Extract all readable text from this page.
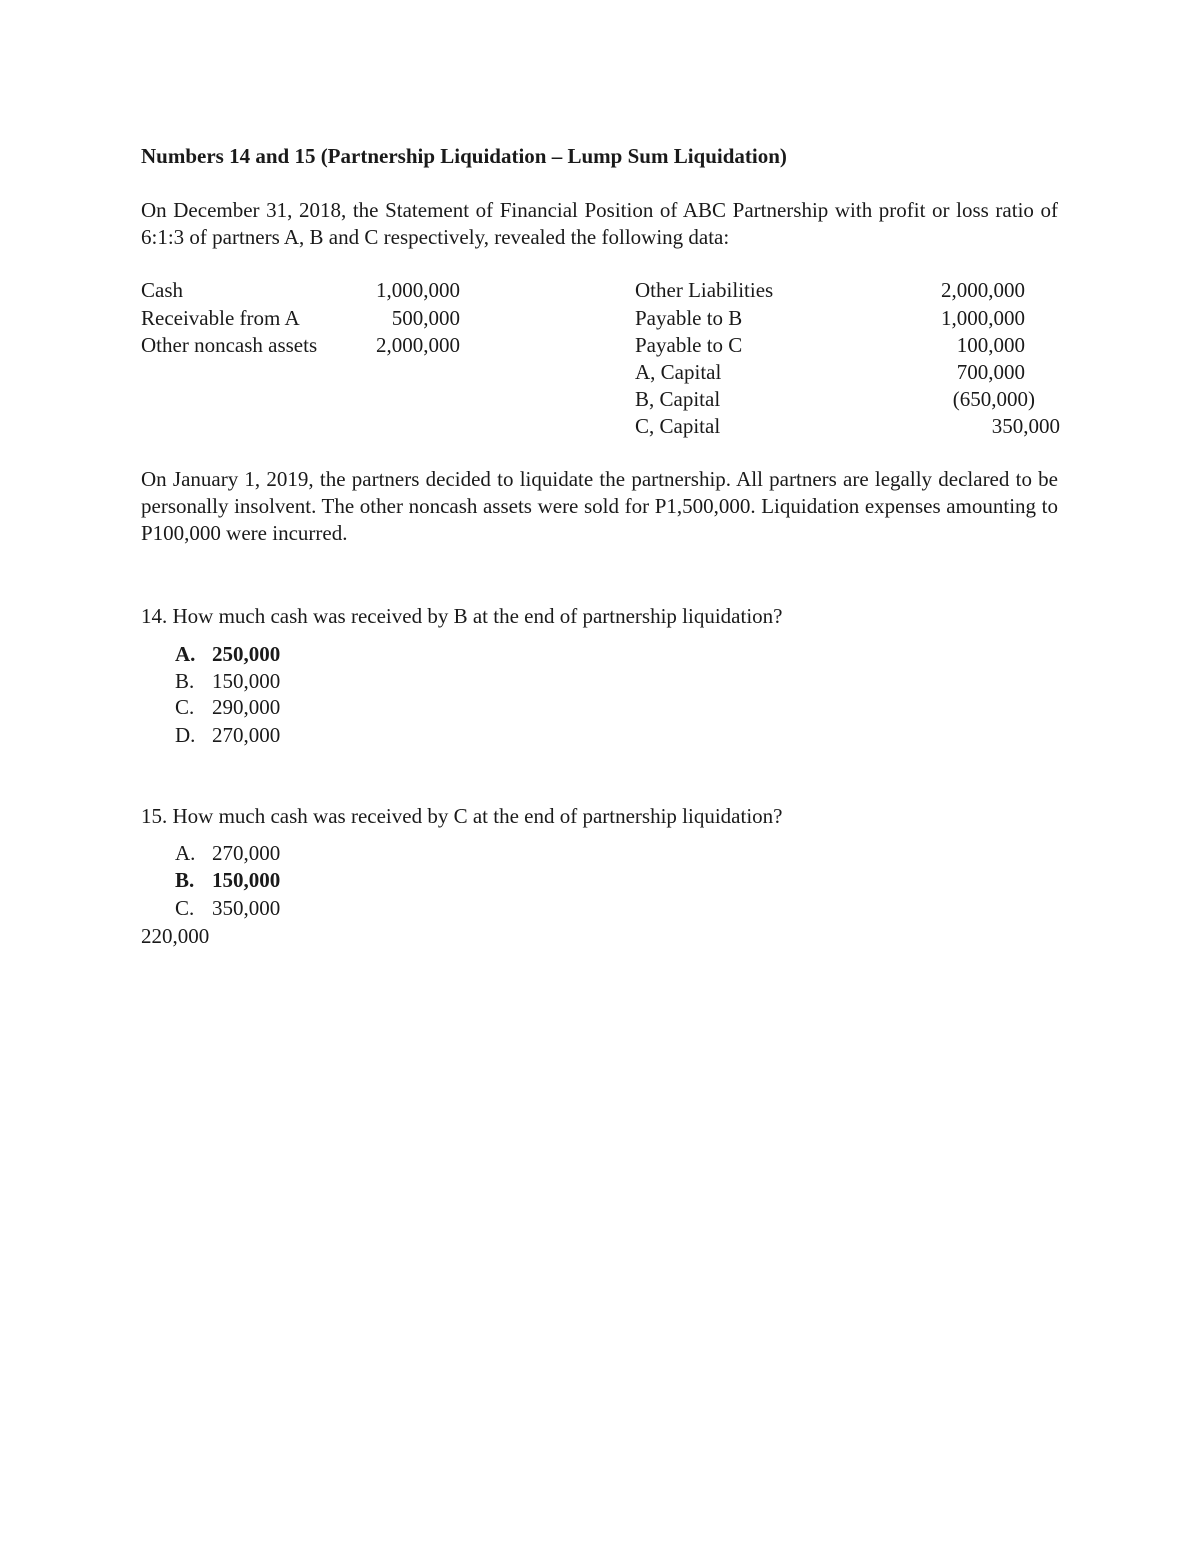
Numbers 14 and 15 (Partnership Liquidation – Lump Sum Liquidation)
On December 31, 2018, the Statement of Financial Position of ABC Partnership with profit or loss ratio of 6:1:3 of partners A, B and C respectively, revealed the following data:
Cash	1,000,000
Receivable from A	500,000
Other noncash assets	2,000,000
Other Liabilities	2,000,000
Payable to B	1,000,000
Payable to C	100,000
A, Capital	700,000
B, Capital	(650,000)
C, Capital	350,000
On January 1, 2019, the partners decided to liquidate the partnership. All partners are legally declared to be personally insolvent. The other noncash assets were sold for P1,500,000. Liquidation expenses amounting to P100,000 were incurred.
14. How much cash was received by B at the end of partnership liquidation?
A. 250,000
B. 150,000
C. 290,000
D. 270,000
15. How much cash was received by C at the end of partnership liquidation?
A. 270,000
B. 150,000
C. 350,000
220,000
